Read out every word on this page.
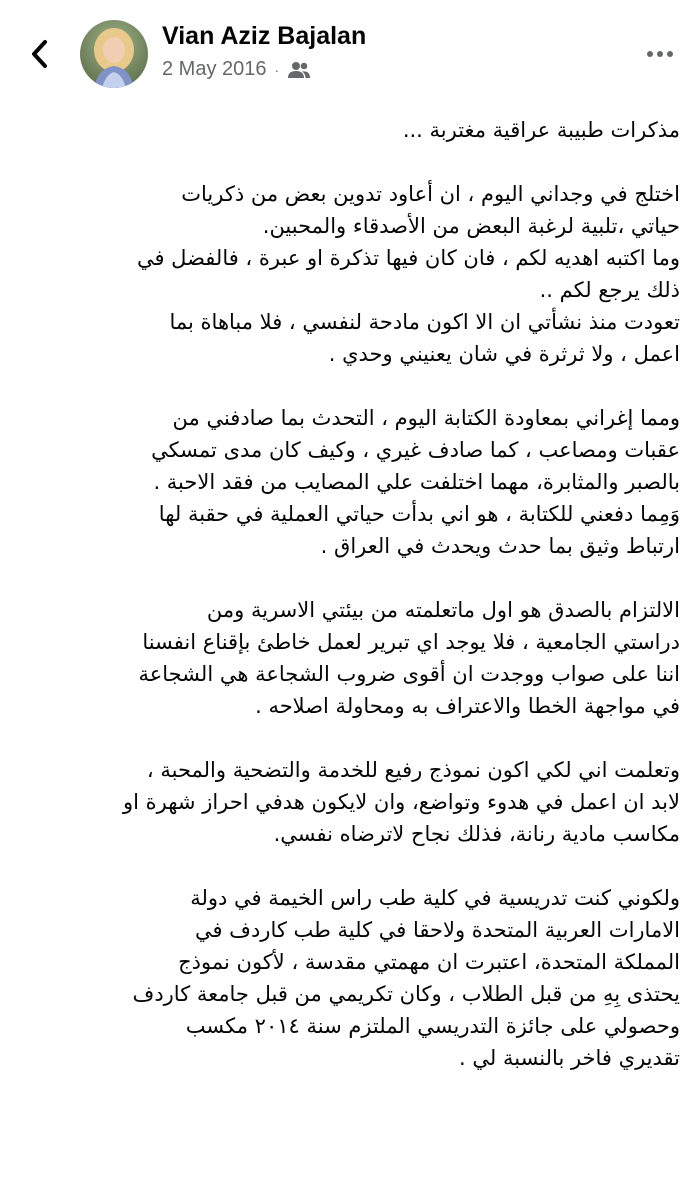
Vian Aziz Bajalan
2 May 2016 ·

مذكرات طبيبة عراقية مغتربة ...

اختلج في وجداني اليوم ، ان أعاود تدوين بعض من ذكريات
حياتي ،تلبية لرغبة البعض من الأصدقاء والمحبين.
وما اكتبه اهديه لكم ، فان كان فيها تذكرة او عبرة ، فالفضل في
ذلك يرجع لكم ..
تعودت منذ نشأتي ان الا اكون مادحة لنفسي ، فلا مباهاة بما
اعمل ، ولا ثرثرة في شان يعنيني وحدي .

ومما إغراني بمعاودة الكتابة اليوم ، التحدث بما صادفني من
عقبات ومصاعب ، كما صادف غيري ، وكيف كان مدى تمسكي
بالصبر والمثابرة، مهما اختلفت علي المصايب من فقد الاحبة .
وَمِما دفعني للكتابة ، هو اني بدأت حياتي العملية في حقبة لها
ارتباط وثيق بما حدث ويحدث في العراق .

الالتزام بالصدق هو اول ماتعلمته من بيئتي الاسرية ومن
دراستي الجامعية ، فلا يوجد اي تبرير لعمل خاطئ بإقناع انفسنا
اننا على صواب ووجدت ان أقوى ضروب الشجاعة هي الشجاعة
في مواجهة الخطا والاعتراف به ومحاولة اصلاحه .

وتعلمت اني لكي اكون نموذج رفيع للخدمة والتضحية والمحبة ،
لابد ان اعمل في هدوء وتواضع، وان لايكون هدفي احراز شهرة او
مكاسب مادية رنانة، فذلك نجاح لاترضاه نفسي.

ولكوني كنت تدريسية في كلية طب راس الخيمة في دولة
الامارات العربية المتحدة ولاحقا في كلية طب كاردف في
المملكة المتحدة، اعتبرت ان مهمتي مقدسة ، لأكون نموذج
يحتذى بِهِ من قبل الطلاب ، وكان تكريمي من قبل جامعة كاردف
وحصولي على جائزة التدريسي الملتزم سنة ٢٠١٤ مكسب
تقديري فاخر بالنسبة لي .
